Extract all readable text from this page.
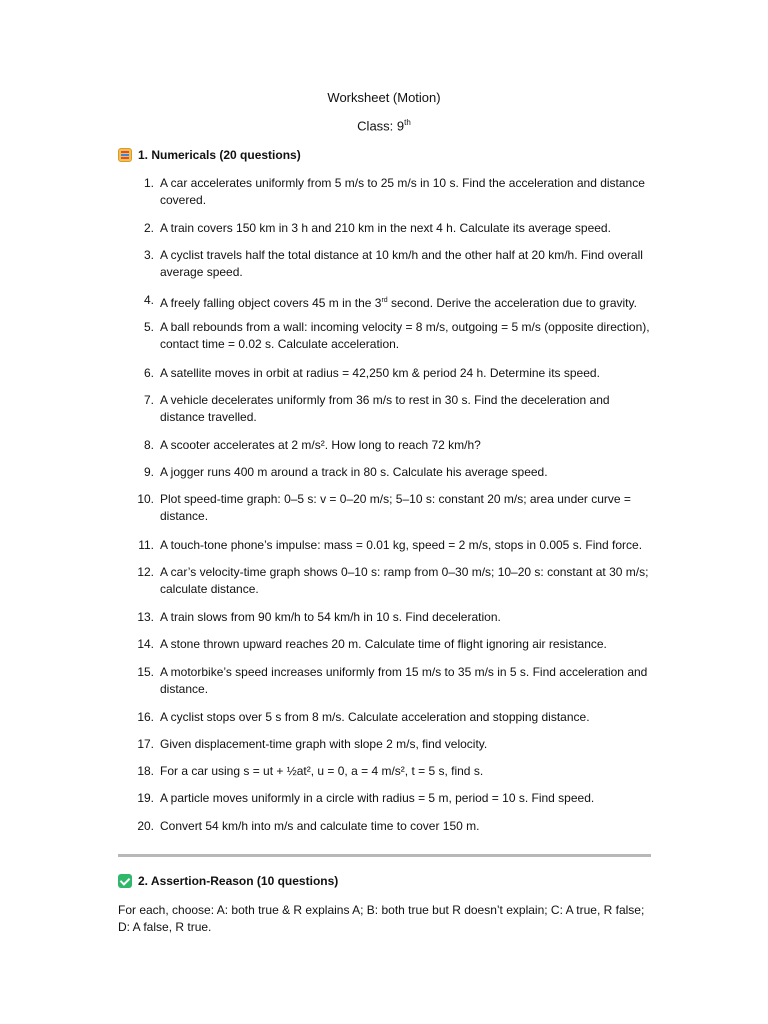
Worksheet (Motion)
Class: 9th
1. Numericals (20 questions)
1. A car accelerates uniformly from 5 m/s to 25 m/s in 10 s. Find the acceleration and distance covered.
2. A train covers 150 km in 3 h and 210 km in the next 4 h. Calculate its average speed.
3. A cyclist travels half the total distance at 10 km/h and the other half at 20 km/h. Find overall average speed.
4. A freely falling object covers 45 m in the 3rd second. Derive the acceleration due to gravity.
5. A ball rebounds from a wall: incoming velocity = 8 m/s, outgoing = 5 m/s (opposite direction), contact time = 0.02 s. Calculate acceleration.
6. A satellite moves in orbit at radius = 42,250 km & period 24 h. Determine its speed.
7. A vehicle decelerates uniformly from 36 m/s to rest in 30 s. Find the deceleration and distance travelled.
8. A scooter accelerates at 2 m/s². How long to reach 72 km/h?
9. A jogger runs 400 m around a track in 80 s. Calculate his average speed.
10. Plot speed-time graph: 0–5 s: v = 0–20 m/s; 5–10 s: constant 20 m/s; area under curve = distance.
11. A touch-tone phone’s impulse: mass = 0.01 kg, speed = 2 m/s, stops in 0.005 s. Find force.
12. A car’s velocity-time graph shows 0–10 s: ramp from 0–30 m/s; 10–20 s: constant at 30 m/s; calculate distance.
13. A train slows from 90 km/h to 54 km/h in 10 s. Find deceleration.
14. A stone thrown upward reaches 20 m. Calculate time of flight ignoring air resistance.
15. A motorbike’s speed increases uniformly from 15 m/s to 35 m/s in 5 s. Find acceleration and distance.
16. A cyclist stops over 5 s from 8 m/s. Calculate acceleration and stopping distance.
17. Given displacement-time graph with slope 2 m/s, find velocity.
18. For a car using s = ut + ½at², u = 0, a = 4 m/s², t = 5 s, find s.
19. A particle moves uniformly in a circle with radius = 5 m, period = 10 s. Find speed.
20. Convert 54 km/h into m/s and calculate time to cover 150 m.
2. Assertion-Reason (10 questions)
For each, choose: A: both true & R explains A; B: both true but R doesn’t explain; C: A true, R false; D: A false, R true.
